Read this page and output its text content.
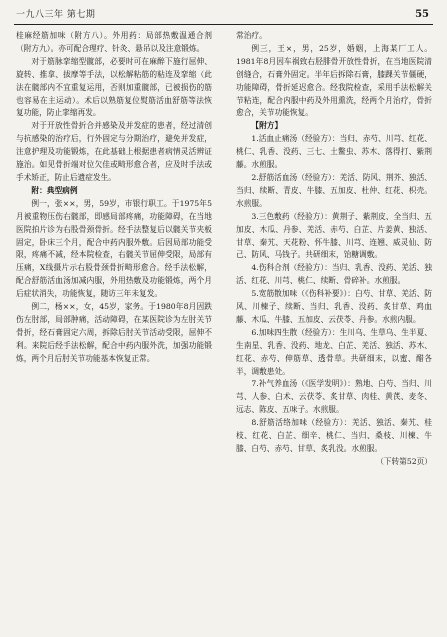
一九八三年 第七期	55

桂麻经筋加味（附方八）。外用药：局部热敷温通合剂（附方九）。亦可配合理疗、针灸、悬吊以及注意锻炼。

对于筋脉挛缩型髋部，必要时可在麻醉下施行屈伸、旋转、推拿、拔摩等手法，以松解粘筋的粘连及挛缩（此法在髋部内不宜重复运用，否则加重髋部，已被损伤的筋也容易在主运动）。术后以熟筋复位熨筋活血舒筋等法恢复功能，防止挛缩再发。

对于开放性骨折合并感染及并发症的患者，经过清创与抗感染的治疗后，行外固定与分期治疗，避免并发症，注意护理及功能锻炼，在此基础上根据患者病情灵活辨证施治。如见骨折端对位欠佳或畸形愈合者，应及时手法或手术矫正，防止后遗症发生。

附：典型病例

例一，张××，男，59岁，市银行职工。于1975年5月被重物压伤右髋部，即感局部疼痛，功能障碍，在当地医院拍片诊为右股骨颈骨折。经手法整复后以髋关节夹板固定，卧床三个月，配合中药内服外敷。后因局部功能受限，疼痛不减，经本院检查，右髋关节屈伸受限，局部有压痛，X线摄片示右股骨颈骨折畸形愈合。经手法松解，配合舒筋活血汤加减内服，外用热敷及功能锻炼，两个月后症状消失，功能恢复，随访三年未复发。

例二，杨××，女，45岁，家务。于1980年8月因跌伤左肘部，局部肿痛，活动障碍，在某医院诊为左肘关节骨折，经石膏固定六周，拆除后肘关节活动受限，屈伸不利。来院后经手法松解，配合中药内服外洗，加强功能锻炼，两个月后肘关节功能基本恢复正常。

常治疗。

例三，王×，男，25岁，婚姻，上海某厂工人。1981年8月因车祸致右胫腓骨开放性骨折，在当地医院清创缝合，石膏外固定。半年后拆除石膏，膝踝关节僵硬，功能障碍，骨折延迟愈合。经我院检查，采用手法松解关节粘连，配合内服中药及外用熏洗，经两个月治疗，骨折愈合，关节功能恢复。

【附方】

1.活血止痛汤（经验方）：当归、赤芍、川芎、红花、桃仁、乳香、没药、三七、土鳖虫、苏木、落得打、紫荆藤。水煎服。

2.舒筋活血汤（经验方）：羌活、防风、荆芥、独活、当归、续断、青皮、牛膝、五加皮、杜仲、红花、枳壳。水煎服。

3.三色敷药（经验方）：黄荆子、紫荆皮、全当归、五加皮、木瓜、丹参、羌活、赤芍、白芷、片姜黄、独活、甘草、秦艽、天花粉、怀牛膝、川芎、连翘、威灵仙、防己、防风、马钱子。共研细末，饴糖调敷。

4.伤科合剂（经验方）：当归、乳香、没药、羌活、独活、红花、川芎、桃仁、续断、骨碎补。水煎服。

5.宽筋散加味（《伤科补要》）：白芍、甘草、羌活、防风、川楝子、续断、当归、乳香、没药、炙甘草、鸡血藤、木瓜、牛膝、五加皮、云茯苓、丹参。水煎内服。

6.加味四生散（经验方）：生川乌、生草乌、生半夏、生南星、乳香、没药、地龙、白芷、羌活、独活、苏木、红花、赤芍、伸筋草、透骨草。共研细末，以蜜、醋各半，调敷患处。

7.补气养血汤（《医学发明》）：熟地、白芍、当归、川芎、人参、白术、云茯苓、炙甘草、肉桂、黄芪、麦冬、远志、陈皮、五味子。水煎服。

8.舒筋活络加味（经验方）：羌活、独活、秦艽、桂枝、红花、白芷、细辛、桃仁、当归、桑枝、川楝、牛膝、白芍、赤芍、甘草、炙乳没。水煎服。

（下转第52页）
